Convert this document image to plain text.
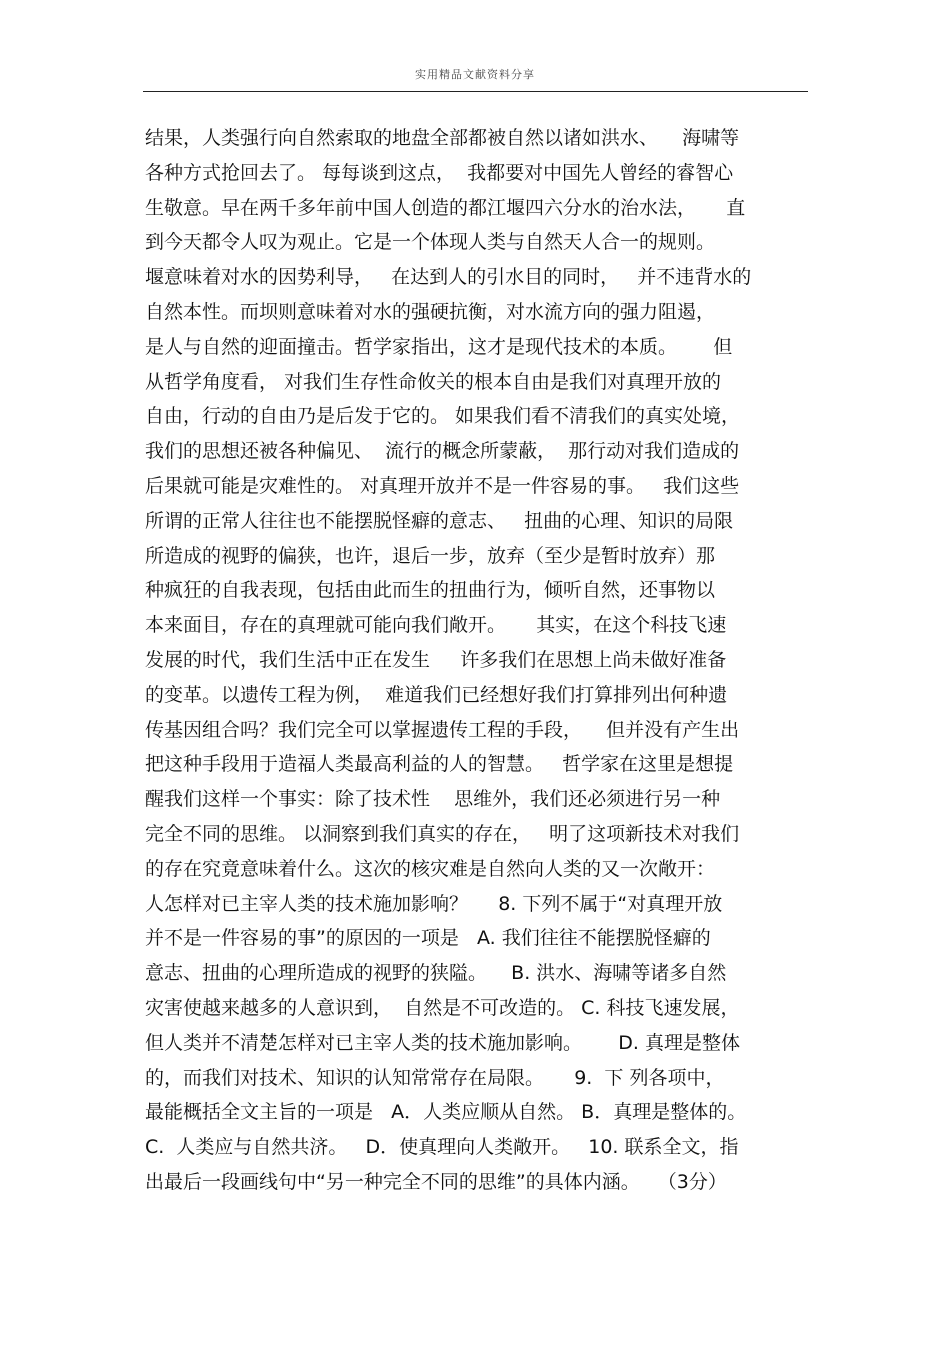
实用精品文献资料分享
结果，人类强行向自然索取的地盘全部都被自然以诸如洪水、    海啸等
各种方式抢回去了。 每每谈到这点，  我都要对中国先人曾经的睿智心
生敬意。早在两千多年前中国人创造的都江堰四六分水的治水法，     直
到今天都令人叹为观止。它是一个体现人类与自然天人合一的规则。
堰意味着对水的因势利导，   在达到人的引水目的同时，   并不违背水的
自然本性。而坝则意味着对水的强硬抗衡，对水流方向的强力阻遏，
是人与自然的迎面撞击。哲学家指出，这才是现代技术的本质。      但
从哲学角度看， 对我们生存性命攸关的根本自由是我们对真理开放的
自由，行动的自由乃是后发于它的。 如果我们看不清我们的真实处境，
我们的思想还被各种偏见、  流行的概念所蒙蔽，  那行动对我们造成的
后果就可能是灾难性的。 对真理开放并不是一件容易的事。   我们这些
所谓的正常人往往也不能摆脱怪癖的意志、   扭曲的心理、知识的局限
所造成的视野的偏狭，也许，退后一步，放弃（至少是暂时放弃）那
种疯狂的自我表现，包括由此而生的扭曲行为，倾听自然，还事物以
本来面目，存在的真理就可能向我们敞开。     其实，在这个科技飞速
发展的时代，我们生活中正在发生     许多我们在思想上尚未做好准备
的变革。以遗传工程为例，  难道我们已经想好我们打算排列出何种遗
传基因组合吗？我们完全可以掌握遗传工程的手段，    但并没有产生出
把这种手段用于造福人类最高利益的人的智慧。   哲学家在这里是想提
醒我们这样一个事实：除了技术性    思维外，我们还必须进行另一种
完全不同的思维。 以洞察到我们真实的存在，   明了这项新技术对我们
的存在究竟意味着什么。这次的核灾难是自然向人类的又一次敞开：
人怎样对已主宰人类的技术施加影响？     8. 下列不属于“对真理开放
并不是一件容易的事”的原因的一项是   A. 我们往往不能摆脱怪癖的
意志、扭曲的心理所造成的视野的狭隘。    B. 洪水、海啸等诸多自然
灾害使越来越多的人意识到，  自然是不可改造的。 C. 科技飞速发展，
但人类并不清楚怎样对已主宰人类的技术施加影响。      D. 真理是整体
的，而我们对技术、知识的认知常常存在局限。     9.  下 列各项中，
最能概括全文主旨的一项是   A．人类应顺从自然。 B．真理是整体的。
C.  人类应与自然共济。   D．使真理向人类敞开。   10. 联系全文，指
出最后一段画线句中“另一种完全不同的思维”的具体内涵。   （3分）
